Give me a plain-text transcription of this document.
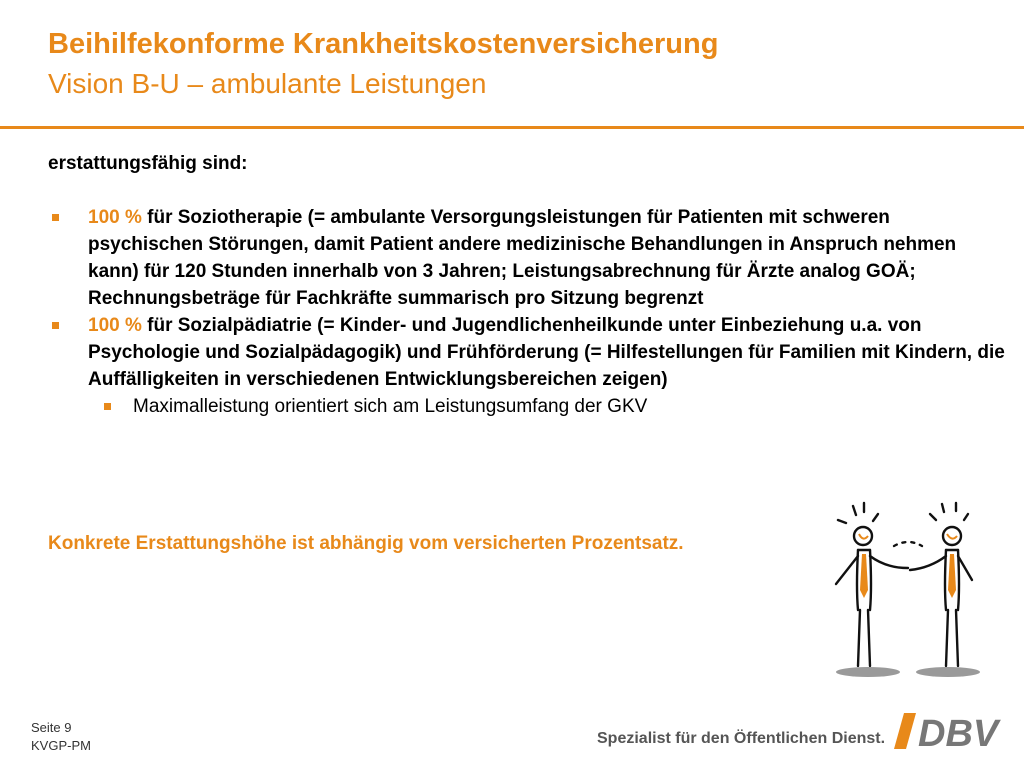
Beihilfekonforme Krankheitskostenversicherung
Vision B-U – ambulante Leistungen
erstattungsfähig sind:
100 % für Soziotherapie (= ambulante Versorgungsleistungen für Patienten mit schweren psychischen Störungen, damit Patient andere medizinische Behandlungen in Anspruch nehmen kann) für 120 Stunden innerhalb von 3 Jahren; Leistungsabrechnung für Ärzte analog GOÄ; Rechnungsbeträge für Fachkräfte summarisch pro Sitzung begrenzt
100 % für Sozialpädiatrie (= Kinder- und Jugendlichenheilkunde unter Einbeziehung u.a. von Psychologie und Sozialpädagogik) und Frühförderung (= Hilfestellungen für Familien mit Kindern, die Auffälligkeiten in verschiedenen Entwicklungsbereichen zeigen)
Maximalleistung orientiert sich am Leistungsumfang der GKV
Konkrete Erstattungshöhe ist abhängig vom versicherten Prozentsatz.
Seite 9
KVGP-PM	Spezialist für den Öffentlichen Dienst. DBV
